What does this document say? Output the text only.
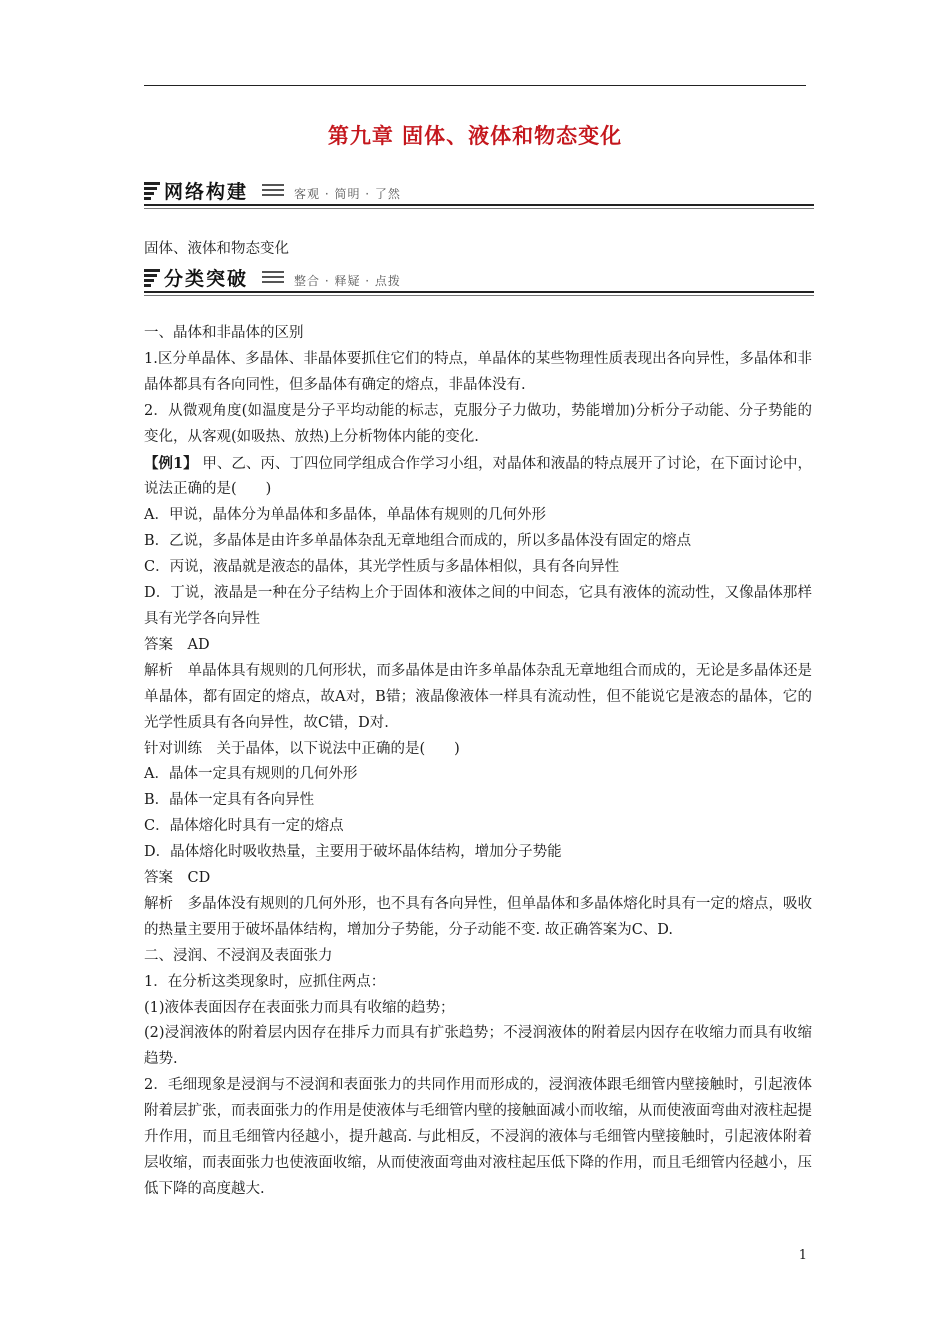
第九章 固体、液体和物态变化
网络构建	客观 · 简明 · 了然
固体、液体和物态变化
分类突破	整合 · 释疑 · 点拨

一、晶体和非晶体的区别

1.区分单晶体、多晶体、非晶体要抓住它们的特点，单晶体的某些物理性质表现出各向异性，多晶体和非晶体都具有各向同性，但多晶体有确定的熔点，非晶体没有.

2．从微观角度(如温度是分子平均动能的标志，克服分子力做功，势能增加)分析分子动能、分子势能的变化，从客观(如吸热、放热)上分析物体内能的变化.

【例1】 甲、乙、丙、丁四位同学组成合作学习小组，对晶体和液晶的特点展开了讨论，在下面讨论中，说法正确的是(　　)

A．甲说，晶体分为单晶体和多晶体，单晶体有规则的几何外形

B．乙说，多晶体是由许多单晶体杂乱无章地组合而成的，所以多晶体没有固定的熔点

C．丙说，液晶就是液态的晶体，其光学性质与多晶体相似，具有各向异性

D．丁说，液晶是一种在分子结构上介于固体和液体之间的中间态，它具有液体的流动性，又像晶体那样具有光学各向异性

答案　AD

解析　单晶体具有规则的几何形状，而多晶体是由许多单晶体杂乱无章地组合而成的，无论是多晶体还是单晶体，都有固定的熔点，故A对，B错；液晶像液体一样具有流动性，但不能说它是液态的晶体，它的光学性质具有各向异性，故C错，D对.

针对训练　关于晶体，以下说法中正确的是(　　)

A．晶体一定具有规则的几何外形

B．晶体一定具有各向异性

C．晶体熔化时具有一定的熔点

D．晶体熔化时吸收热量，主要用于破坏晶体结构，增加分子势能

答案　CD

解析　多晶体没有规则的几何外形，也不具有各向异性，但单晶体和多晶体熔化时具有一定的熔点，吸收的热量主要用于破坏晶体结构，增加分子势能，分子动能不变. 故正确答案为C、D.

二、浸润、不浸润及表面张力

1．在分析这类现象时，应抓住两点：

(1)液体表面因存在表面张力而具有收缩的趋势；

(2)浸润液体的附着层内因存在排斥力而具有扩张趋势；不浸润液体的附着层内因存在收缩力而具有收缩趋势.

2．毛细现象是浸润与不浸润和表面张力的共同作用而形成的，浸润液体跟毛细管内壁接触时，引起液体附着层扩张，而表面张力的作用是使液体与毛细管内壁的接触面减小而收缩，从而使液面弯曲对液柱起提升作用，而且毛细管内径越小，提升越高. 与此相反，不浸润的液体与毛细管内壁接触时，引起液体附着层收缩，而表面张力也使液面收缩，从而使液面弯曲对液柱起压低下降的作用，而且毛细管内径越小，压低下降的高度越大.

1
